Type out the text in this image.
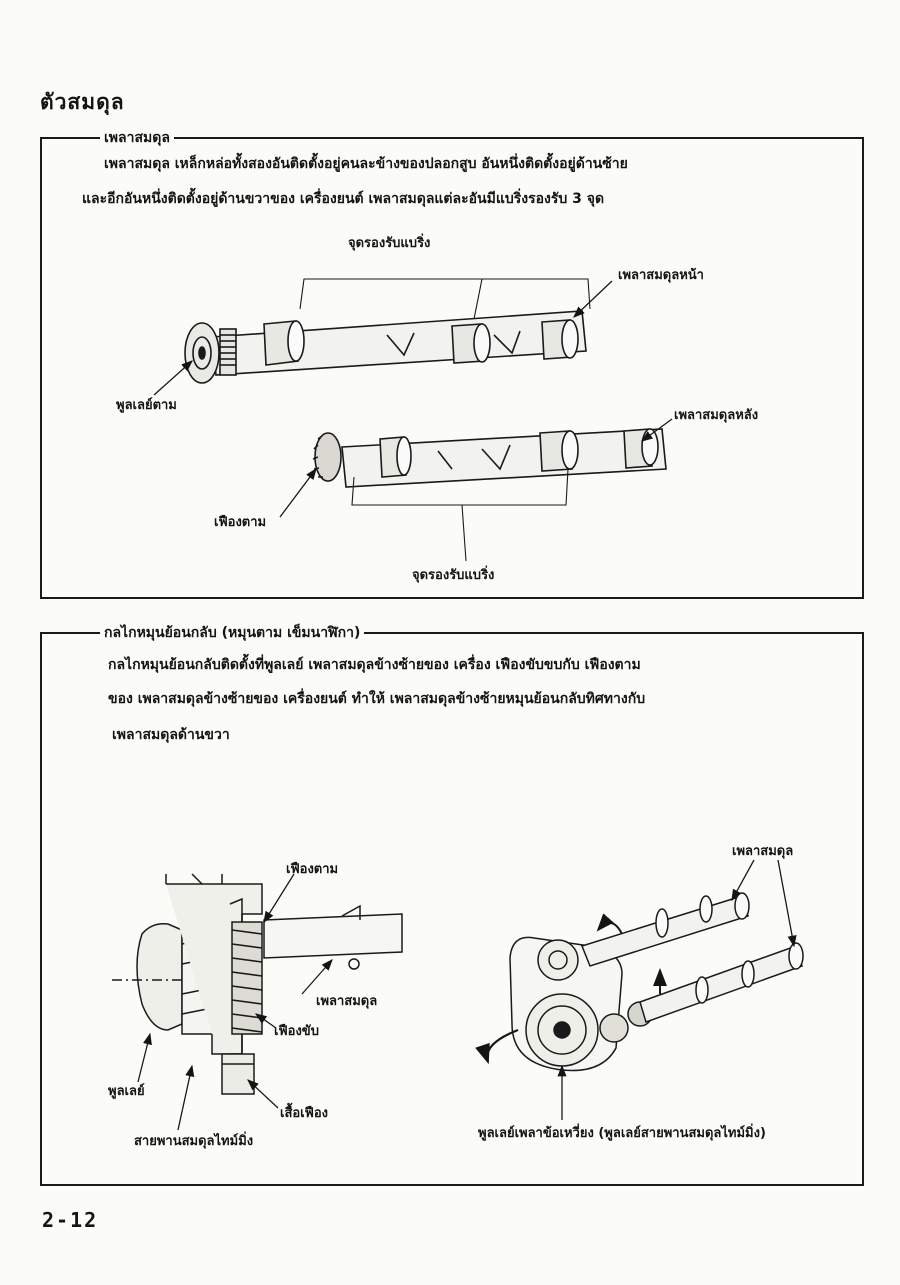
ตัวสมดุล
เพลาสมดุล
เพลาสมดุล เหล็กหล่อทั้งสองอันติดตั้งอยู่คนละข้างของปลอกสูบ อันหนึ่งติดตั้งอยู่ด้านซ้าย
และอีกอันหนึ่งติดตั้งอยู่ด้านขวาของ เครื่องยนต์ เพลาสมดุลแต่ละอันมีแบริ่งรองรับ 3 จุด
จุดรองรับแบริ่ง
เพลาสมดุลหน้า
พูลเลย์ตาม
เพลาสมดุลหลัง
เฟืองตาม
จุดรองรับแบริ่ง
กลไกหมุนย้อนกลับ (หมุนตาม เข็มนาฬิกา)
กลไกหมุนย้อนกลับติดตั้งที่พูลเลย์ เพลาสมดุลข้างซ้ายของ เครื่อง เฟืองขับขบกับ เฟืองตาม
ของ เพลาสมดุลข้างซ้ายของ เครื่องยนต์ ทำให้ เพลาสมดุลข้างซ้ายหมุนย้อนกลับทิศทางกับ
เพลาสมดุลด้านขวา
เฟืองตาม
เพลาสมดุล
เฟืองขับ
พูลเลย์
เสื้อเฟือง
สายพานสมดุลไทม์มิ่ง
เพลาสมดุล
พูลเลย์เพลาข้อเหวี่ยง (พูลเลย์สายพานสมดุลไทม์มิ่ง)
2-12
